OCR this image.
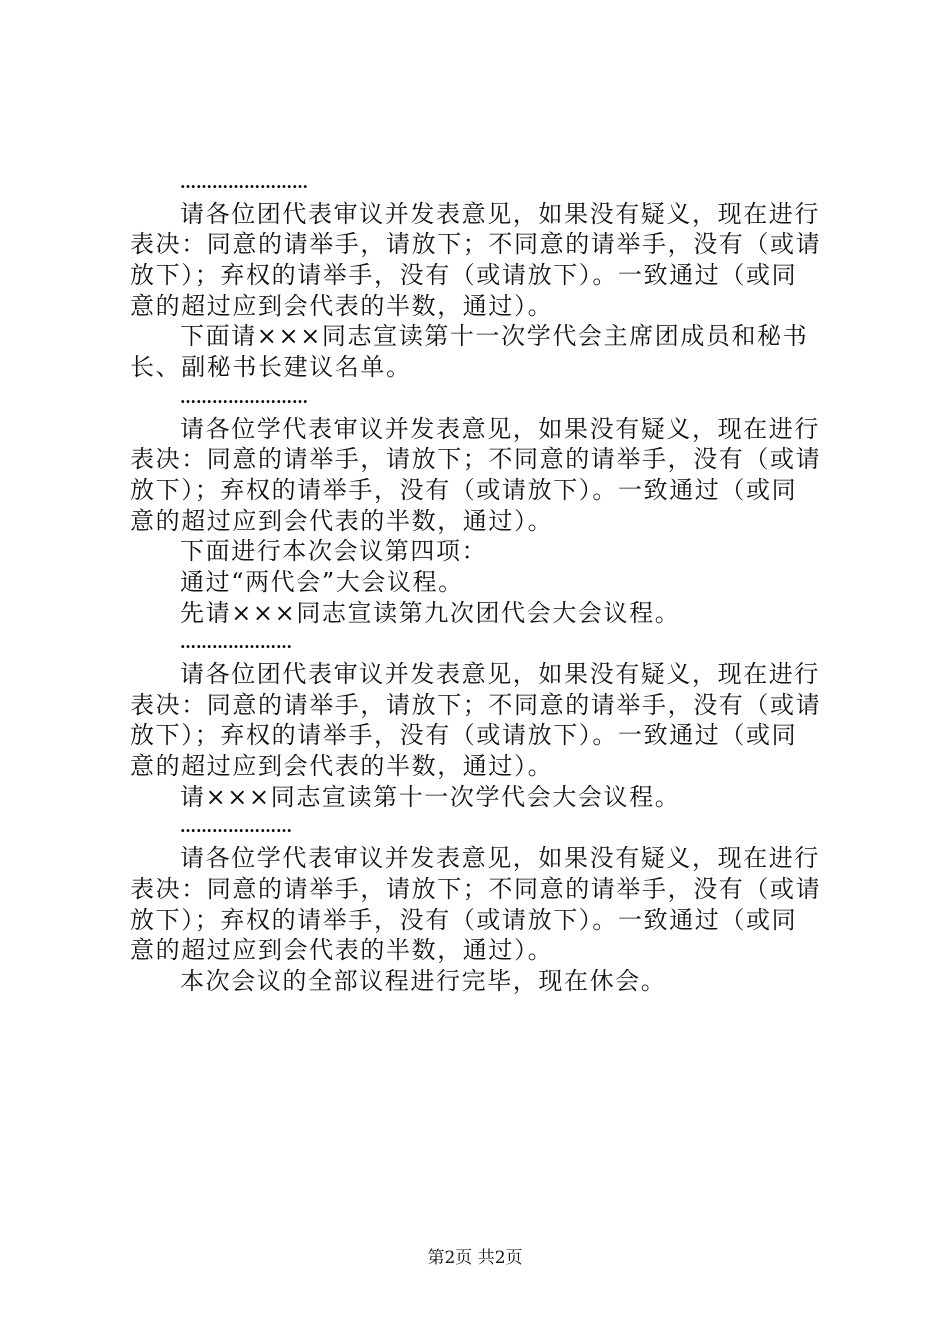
……………………
请各位团代表审议并发表意见，如果没有疑义，现在进行
表决：同意的请举手，请放下；不同意的请举手，没有（或请
放下）；弃权的请举手，没有（或请放下）。一致通过（或同
意的超过应到会代表的半数，通过）。
下面请×××同志宣读第十一次学代会主席团成员和秘书
长、副秘书长建议名单。
……………………
请各位学代表审议并发表意见，如果没有疑义，现在进行
表决：同意的请举手，请放下；不同意的请举手，没有（或请
放下）；弃权的请举手，没有（或请放下）。一致通过（或同
意的超过应到会代表的半数，通过）。
下面进行本次会议第四项：
通过“两代会”大会议程。
先请×××同志宣读第九次团代会大会议程。
…………………
请各位团代表审议并发表意见，如果没有疑义，现在进行
表决：同意的请举手，请放下；不同意的请举手，没有（或请
放下）；弃权的请举手，没有（或请放下）。一致通过（或同
意的超过应到会代表的半数，通过）。
请×××同志宣读第十一次学代会大会议程。
…………………
请各位学代表审议并发表意见，如果没有疑义，现在进行
表决：同意的请举手，请放下；不同意的请举手，没有（或请
放下）；弃权的请举手，没有（或请放下）。一致通过（或同
意的超过应到会代表的半数，通过）。
本次会议的全部议程进行完毕，现在休会。
第2页 共2页
